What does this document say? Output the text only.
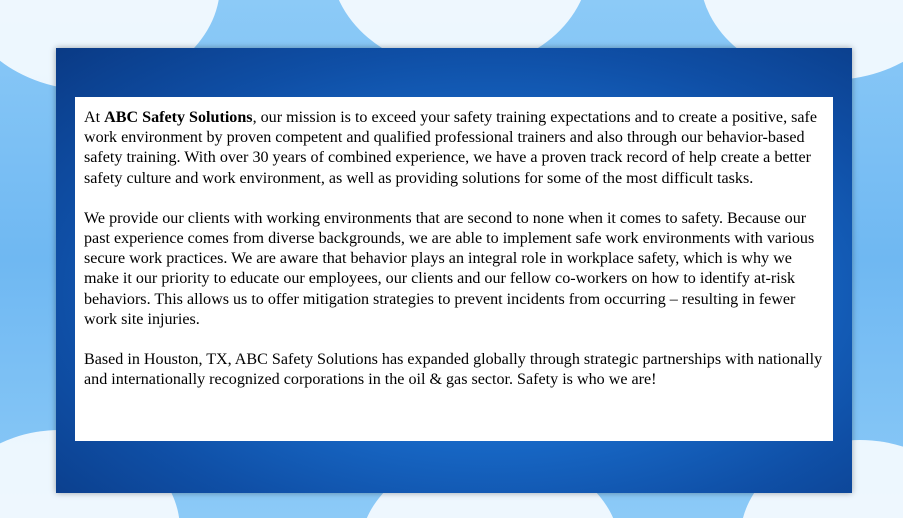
At ABC Safety Solutions, our mission is to exceed your safety training expectations and to create a positive, safe work environment by proven competent and qualified professional trainers and also through our behavior-based safety training. With over 30 years of combined experience, we have a proven track record of help create a better safety culture and work environment, as well as providing solutions for some of the most difficult tasks.

We provide our clients with working environments that are second to none when it comes to safety. Because our past experience comes from diverse backgrounds, we are able to implement safe work environments with various secure work practices. We are aware that behavior plays an integral role in workplace safety, which is why we make it our priority to educate our employees, our clients and our fellow co-workers on how to identify at-risk behaviors. This allows us to offer mitigation strategies to prevent incidents from occurring – resulting in fewer work site injuries.

Based in Houston, TX, ABC Safety Solutions has expanded globally through strategic partnerships with nationally and internationally recognized corporations in the oil & gas sector. Safety is who we are!
